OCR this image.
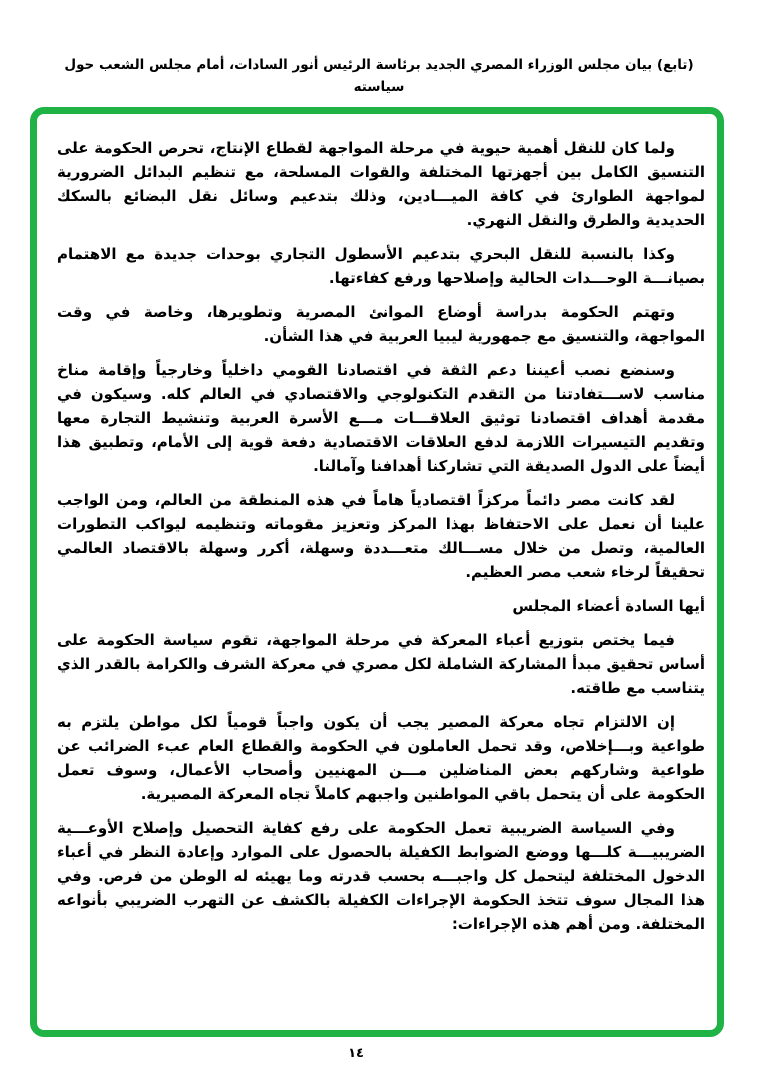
(تابع) بيان مجلس الوزراء المصري الجديد برئاسة الرئيس أنور السادات، أمام مجلس الشعب حول سياسته

ولما كان للنقل أهمية حيوية في مرحلة المواجهة لقطاع الإنتاج، تحرص الحكومة على التنسيق الكامل بين أجهزتها المختلفة والقوات المسلحة، مع تنظيم البدائل الضرورية لمواجهة الطوارئ في كافة الميـــادين، وذلك بتدعيم وسائل نقل البضائع بالسكك الحديدية والطرق والنقل النهري.

وكذا بالنسبة للنقل البحري بتدعيم الأسطول التجاري بوحدات جديدة مع الاهتمام بصيانـــة الوحـــدات الحالية وإصلاحها ورفع كفاءتها.

وتهتم الحكومة بدراسة أوضاع الموانئ المصرية وتطويرها، وخاصة في وقت المواجهة، والتنسيق مع جمهورية ليبيا العربية في هذا الشأن.

وسنضع نصب أعيننا دعم الثقة في اقتصادنا القومي داخلياً وخارجياً وإقامة مناخ مناسب لاســـتفادتنا من التقدم التكنولوجي والاقتصادي في العالم كله. وسيكون في مقدمة أهداف اقتصادنا توثيق العلاقـــات مـــع الأسرة العربية وتنشيط التجارة معها وتقديم التيسيرات اللازمة لدفع العلاقات الاقتصادية دفعة قوية إلى الأمام، وتطبيق هذا أيضاً على الدول الصديقة التي تشاركنا أهدافنا وآمالنا.

لقد كانت مصر دائماً مركزاً اقتصادياً هاماً في هذه المنطقة من العالم، ومن الواجب علينا أن نعمل على الاحتفاظ بهذا المركز وتعزيز مقوماته وتنظيمه ليواكب التطورات العالمية، وتصل من خلال مســـالك متعـــددة وسهلة، أكرر وسهلة بالاقتصاد العالمي تحقيقاً لرخاء شعب مصر العظيم.

أيها السادة أعضاء المجلس

فيما يختص بتوزيع أعباء المعركة في مرحلة المواجهة، تقوم سياسة الحكومة على أساس تحقيق مبدأ المشاركة الشاملة لكل مصري في معركة الشرف والكرامة بالقدر الذي يتناسب مع طاقته.

إن الالتزام تجاه معركة المصير يجب أن يكون واجباً قومياً لكل مواطن يلتزم به طواعية وبـــإخلاص، وقد تحمل العاملون في الحكومة والقطاع العام عبء الضرائب عن طواعية وشاركهم بعض المناضلين مـــن المهنيين وأصحاب الأعمال، وسوف تعمل الحكومة على أن يتحمل باقي المواطنين واجبهم كاملاً تجاه المعركة المصيرية.

وفي السياسة الضريبية تعمل الحكومة على رفع كفاية التحصيل وإصلاح الأوعـــية الضريبيـــة كلـــها ووضع الضوابط الكفيلة بالحصول على الموارد وإعادة النظر في أعباء الدخول المختلفة ليتحمل كل واجبـــه بحسب قدرته وما يهيئه له الوطن من فرص. وفي هذا المجال سوف تتخذ الحكومة الإجراءات الكفيلة بالكشف عن التهرب الضريبي بأنواعه المختلفة. ومن أهم هذه الإجراءات:

١٤
